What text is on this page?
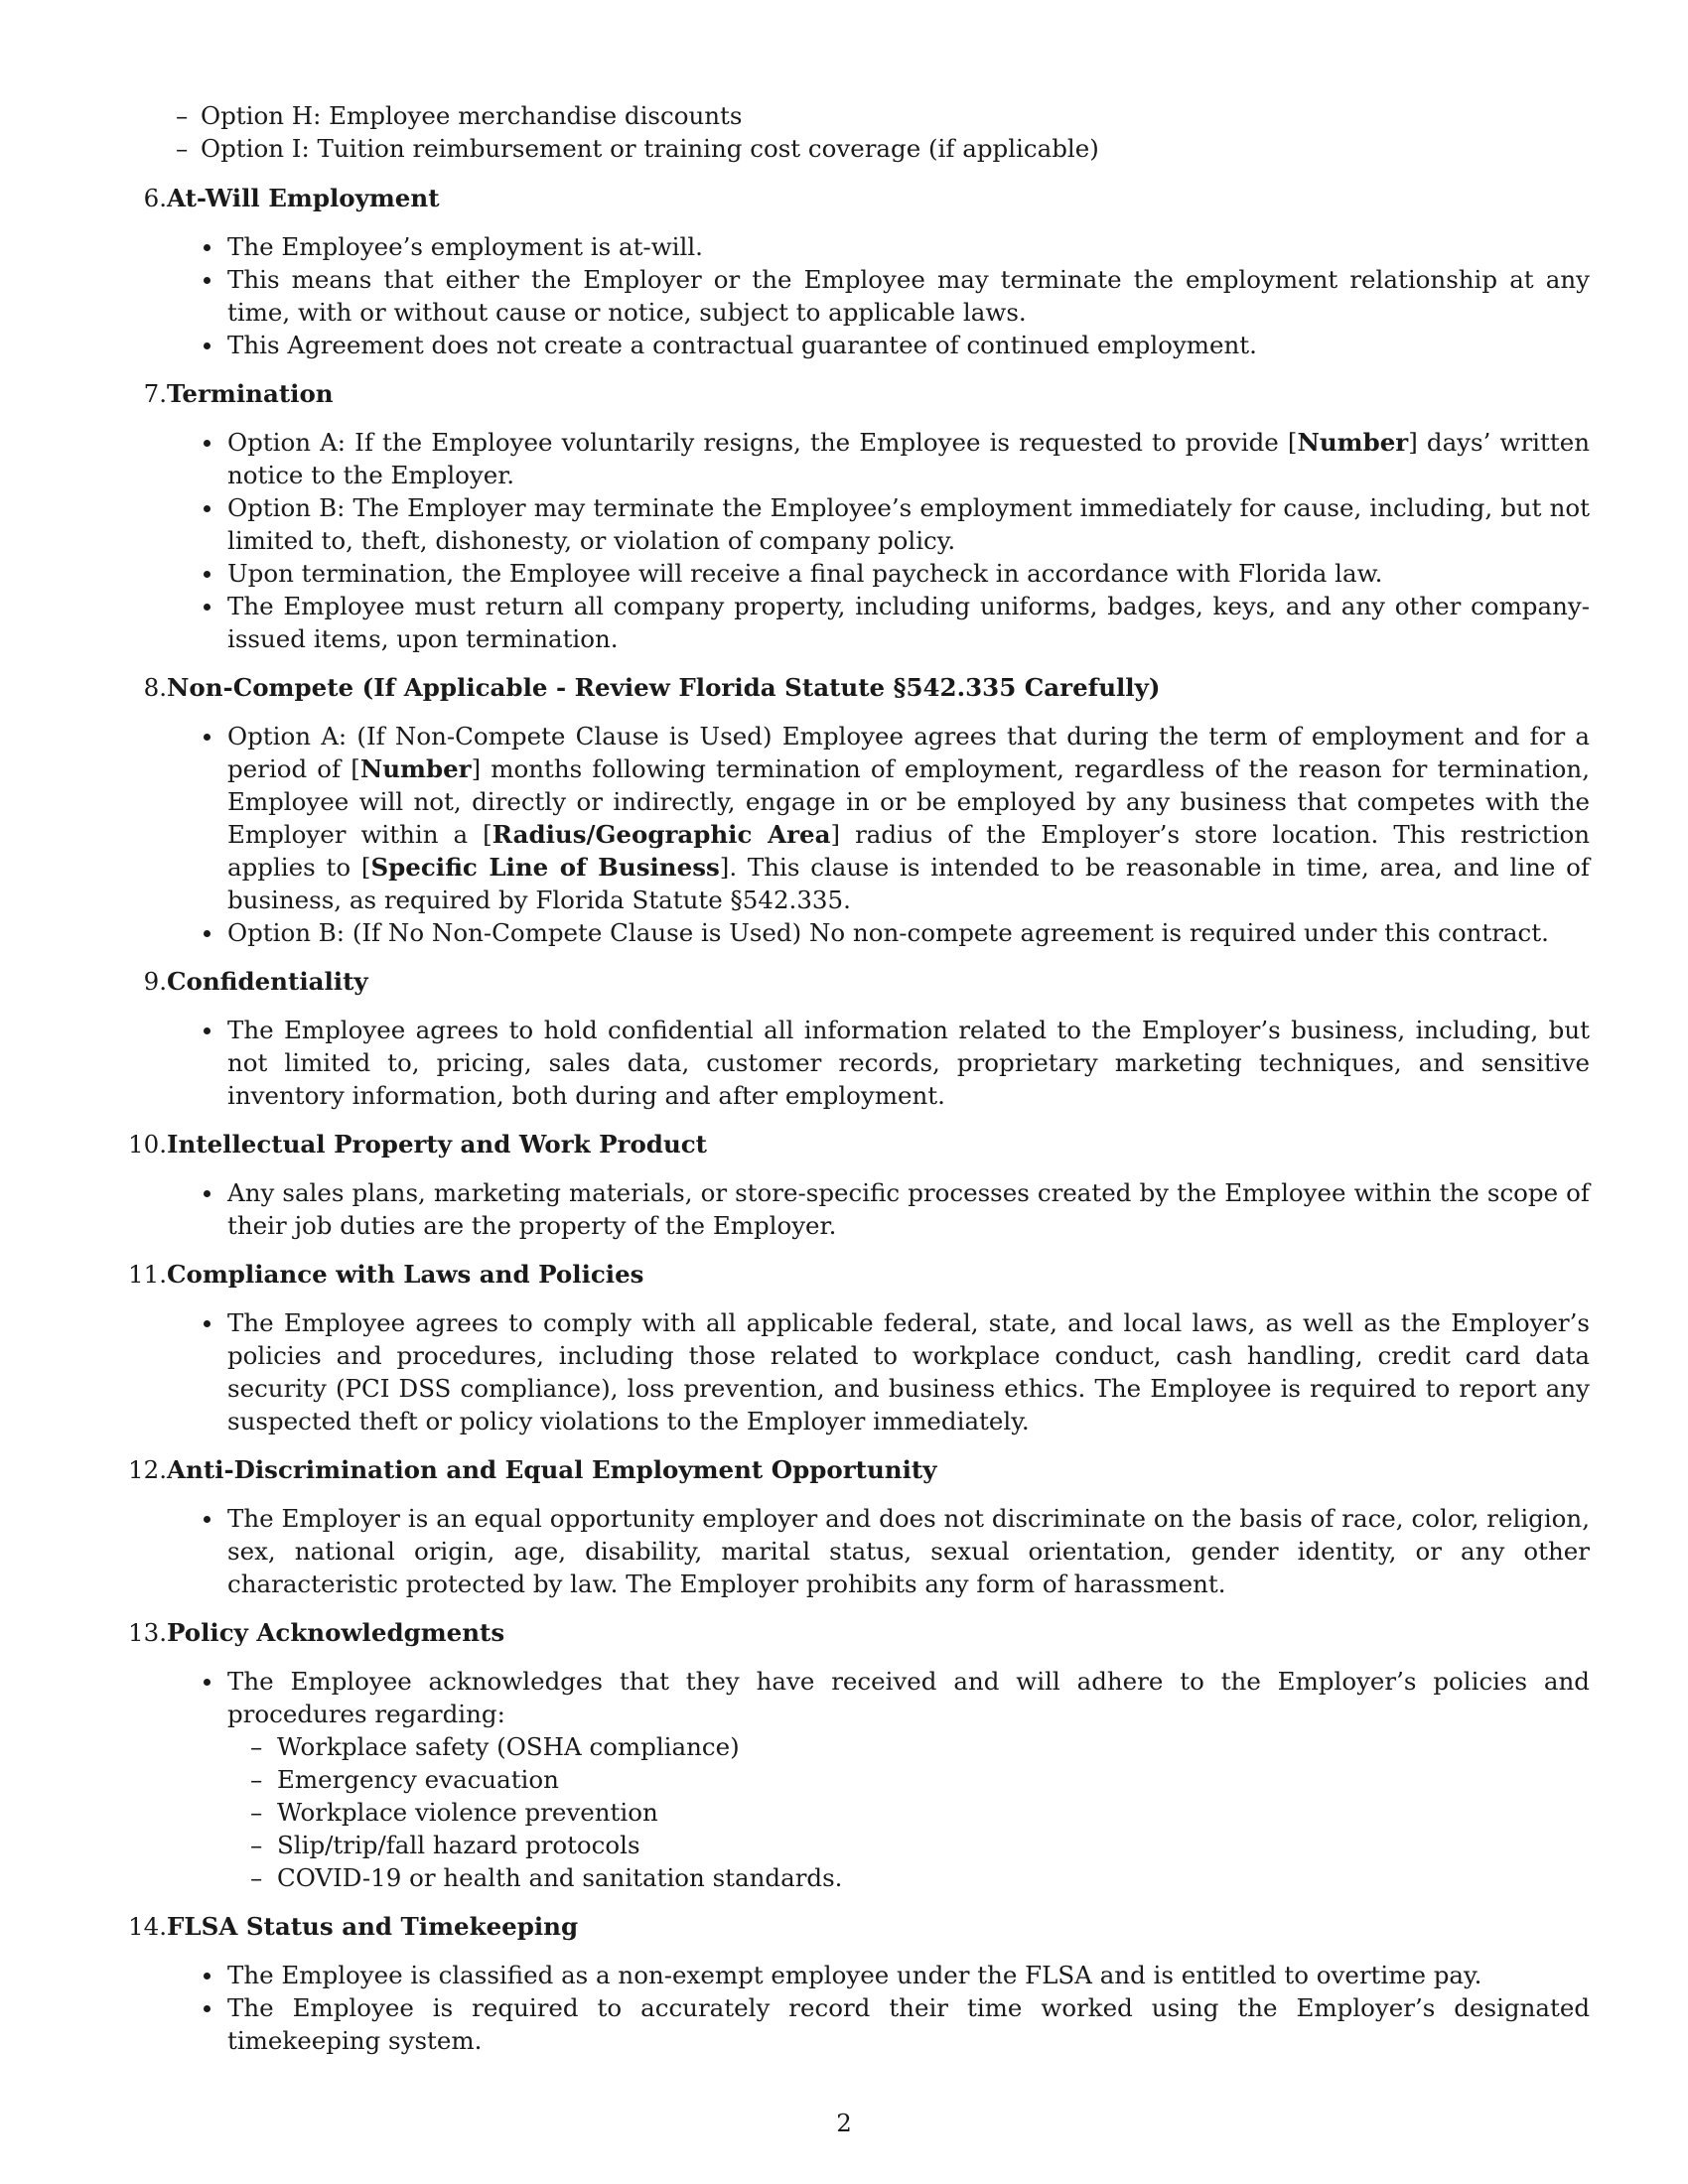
– Option H: Employee merchandise discounts
– Option I: Tuition reimbursement or training cost coverage (if applicable)
6. At-Will Employment
The Employee’s employment is at-will.
This means that either the Employer or the Employee may terminate the employment relationship at any time, with or without cause or notice, subject to applicable laws.
This Agreement does not create a contractual guarantee of continued employment.
7. Termination
Option A: If the Employee voluntarily resigns, the Employee is requested to provide [Number] days’ written notice to the Employer.
Option B: The Employer may terminate the Employee’s employment immediately for cause, including, but not limited to, theft, dishonesty, or violation of company policy.
Upon termination, the Employee will receive a final paycheck in accordance with Florida law.
The Employee must return all company property, including uniforms, badges, keys, and any other company-issued items, upon termination.
8. Non-Compete (If Applicable - Review Florida Statute §542.335 Carefully)
Option A: (If Non-Compete Clause is Used) Employee agrees that during the term of employment and for a period of [Number] months following termination of employment, regardless of the reason for termination, Employee will not, directly or indirectly, engage in or be employed by any business that competes with the Employer within a [Radius/Geographic Area] radius of the Employer’s store location. This restriction applies to [Specific Line of Business]. This clause is intended to be reasonable in time, area, and line of business, as required by Florida Statute §542.335.
Option B: (If No Non-Compete Clause is Used) No non-compete agreement is required under this contract.
9. Confidentiality
The Employee agrees to hold confidential all information related to the Employer’s business, including, but not limited to, pricing, sales data, customer records, proprietary marketing techniques, and sensitive inventory information, both during and after employment.
10. Intellectual Property and Work Product
Any sales plans, marketing materials, or store-specific processes created by the Employee within the scope of their job duties are the property of the Employer.
11. Compliance with Laws and Policies
The Employee agrees to comply with all applicable federal, state, and local laws, as well as the Employer’s policies and procedures, including those related to workplace conduct, cash handling, credit card data security (PCI DSS compliance), loss prevention, and business ethics. The Employee is required to report any suspected theft or policy violations to the Employer immediately.
12. Anti-Discrimination and Equal Employment Opportunity
The Employer is an equal opportunity employer and does not discriminate on the basis of race, color, religion, sex, national origin, age, disability, marital status, sexual orientation, gender identity, or any other characteristic protected by law. The Employer prohibits any form of harassment.
13. Policy Acknowledgments
The Employee acknowledges that they have received and will adhere to the Employer’s policies and procedures regarding:
– Workplace safety (OSHA compliance)
– Emergency evacuation
– Workplace violence prevention
– Slip/trip/fall hazard protocols
– COVID-19 or health and sanitation standards.
14. FLSA Status and Timekeeping
The Employee is classified as a non-exempt employee under the FLSA and is entitled to overtime pay.
The Employee is required to accurately record their time worked using the Employer’s designated timekeeping system.
2
